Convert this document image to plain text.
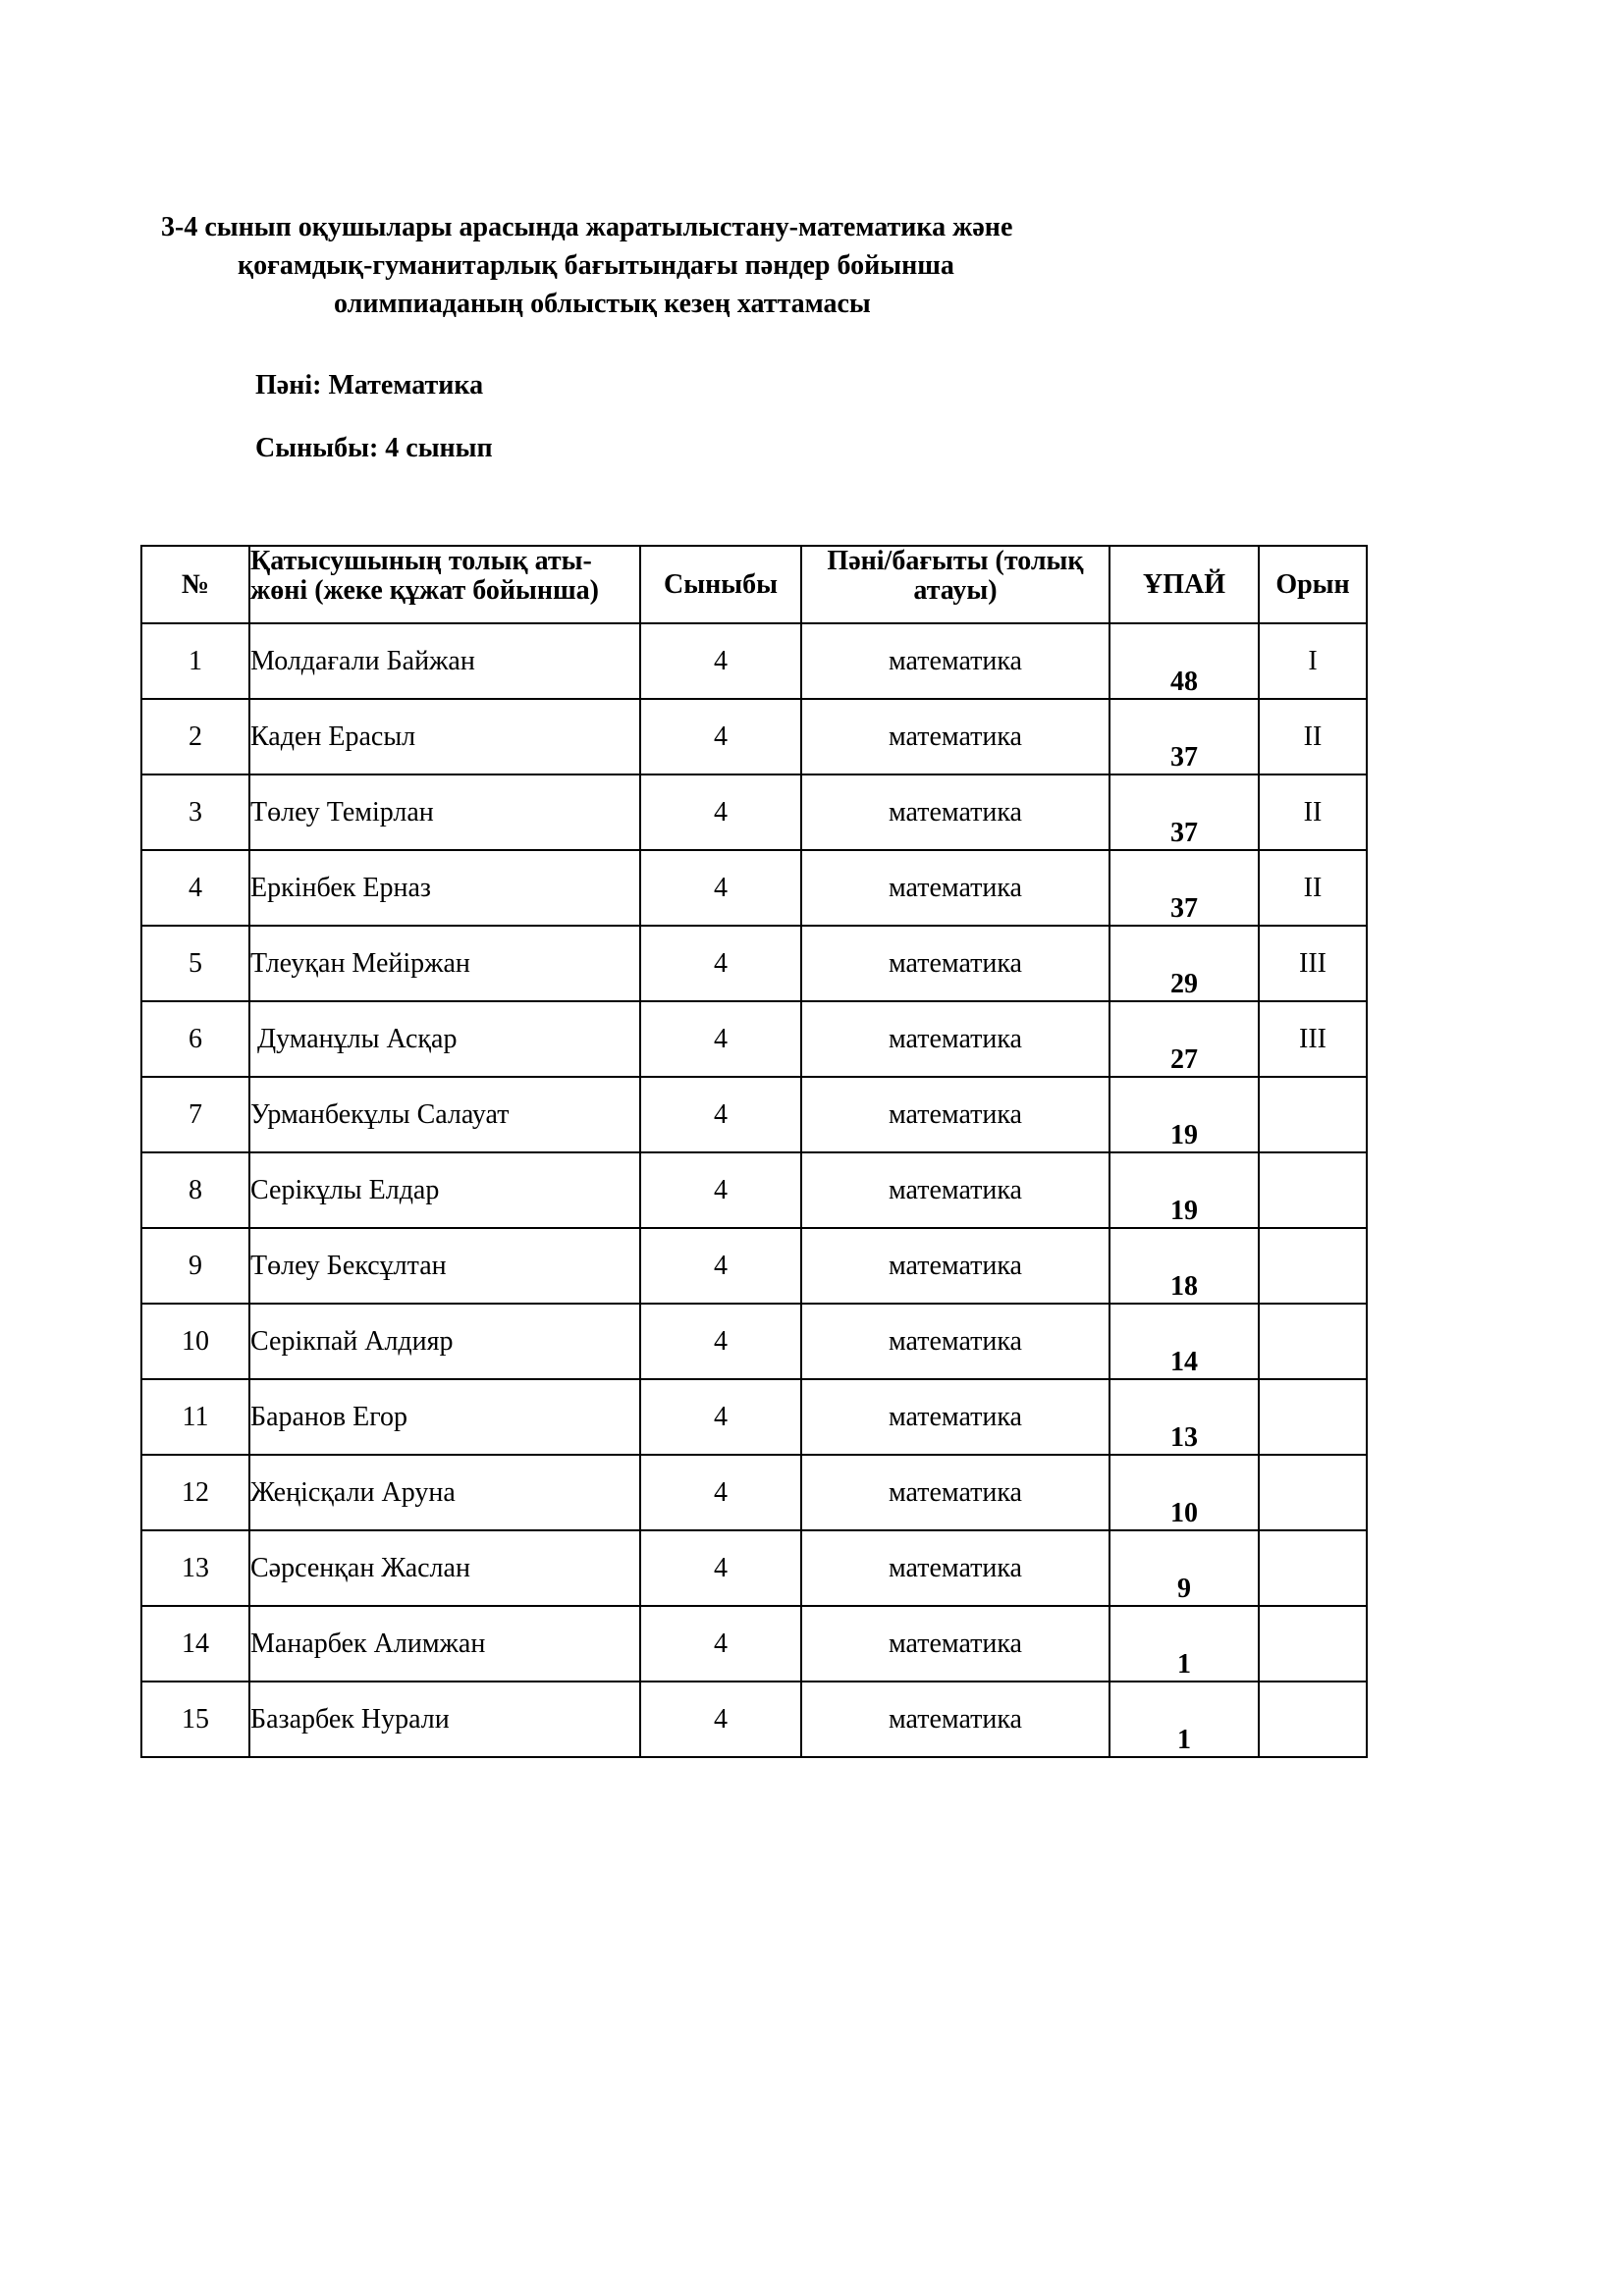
3-4 сынып оқушылары арасында жаратылыстану-математика және
қоғамдық-гуманитарлық бағытындағы пәндер бойынша
олимпиаданың облыстық кезең хаттамасы
Пәні: Математика
Сыныбы: 4 сынып
№	Қатысушының толық аты-жөні (жеке құжат бойынша)	Сыныбы	Пәні/бағыты (толық атауы)	ҰПАЙ	Орын
1	Молдағали Байжан	4	математика	48	I
2	Каден Ерасыл	4	математика	37	II
3	Төлеу Темірлан	4	математика	37	II
4	Еркінбек Ерназ	4	математика	37	II
5	Тлеуқан Мейіржан	4	математика	29	III
6	Думанұлы Асқар	4	математика	27	III
7	Урманбекұлы Салауат	4	математика	19	
8	Серікұлы Елдар	4	математика	19	
9	Төлеу Бексұлтан	4	математика	18	
10	Серікпай Алдияр	4	математика	14	
11	Баранов Егор	4	математика	13	
12	Жеңісқали Аруна	4	математика	10	
13	Сәрсенқан Жаслан	4	математика	9	
14	Манарбек Алимжан	4	математика	1	
15	Базарбек Нурали	4	математика	1	
